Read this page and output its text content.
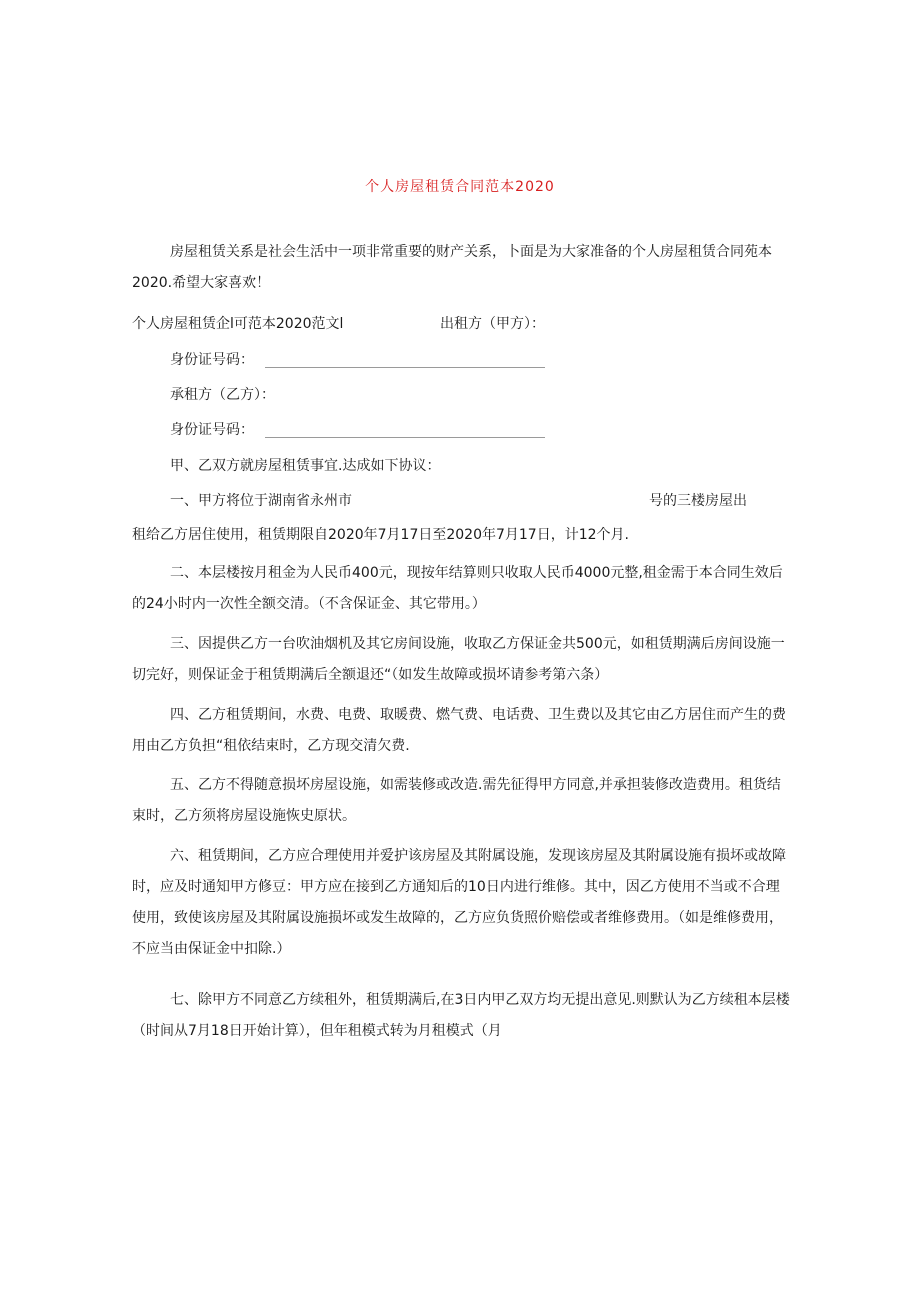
个人房屋租赁合同范本2020

房屋租赁关系是社会生活中一项非常重要的财产关系，卜面是为大家准备的个人房屋租赁合同苑本2020.希望大家喜欢！

个人房屋租赁企l可范本2020范文l	出租方（甲方）：
身份证号码：
承租方（乙方）：
身份证号码：
甲、乙双方就房屋租赁事宜.达成如下协议：
一、甲方将位于湖南省永州市	号的三楼房屋出
租给乙方居住使用，租赁期限自2020年7月17日至2020年7月17日，计12个月.

二、本层楼按月租金为人民币400元，现按年结算则只收取人民币4000元整,租金需于本合同生效后的24小时内一次性全额交清。（不含保证金、其它带用。）

三、因提供乙方一台吹油烟机及其它房间设施，收取乙方保证金共500元，如租赁期满后房间设施一切完好，则保证金于租赁期满后全额退还“（如发生故障或损坏请参考第六条）

四、乙方租赁期间，水费、电费、取暖费、燃气费、电话费、卫生费以及其它由乙方居住而产生的费用由乙方负担“租依结束时，乙方现交清欠费.

五、乙方不得随意损坏房屋设施，如需装修或改造.需先征得甲方同意,并承担装修改造费用。租货结束时，乙方须将房屋设施恢史原状。

六、租赁期间，乙方应合理使用并爱护该房屋及其附属设施，发现该房屋及其附属设施有损坏或故障时，应及时通知甲方修豆：甲方应在接到乙方通知后的10日内进行维修。其中，因乙方使用不当或不合理使用，致使该房屋及其附属设施损坏或发生故障的，乙方应负货照价赔偿或者维修费用。（如是维修费用，不应当由保证金中扣除.）

七、除甲方不同意乙方续租外，租赁期满后,在3日内甲乙双方均无提出意见.则默认为乙方续租本层楼（时间从7月18日开始计算），但年租模式转为月租模式（月
